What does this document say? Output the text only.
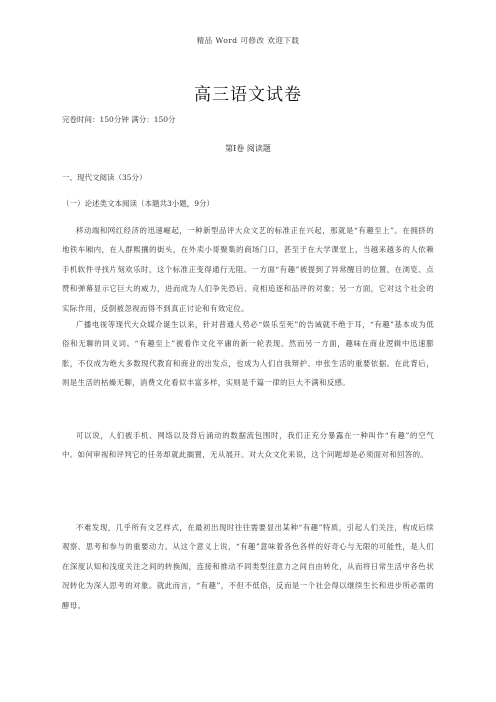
精品 Word 可修改 欢迎下载
高三语文试卷
完卷时间：150分钟 满分：150分
第Ⅰ卷 阅读题
一、现代文阅读（35分）
（一）论述类文本阅读（本题共3小题，9分）

移动端和网红经济的迅速崛起，一种新型品评大众文艺的标准正在兴起，那就是“有趣至上”。在拥挤的地铁车厢内，在人群熙攘的街头，在外卖小哥聚集的商场门口，甚至于在大学课堂上，当越来越多的人依赖手机软件寻找片刻欢乐时，这个标准正变得通行无阻。一方面“有趣”被提到了异常醒目的位置，在浏览、点赞和弹幕显示它巨大的威力，进而成为人们争先恐后、竞相追逐和品评的对象；另一方面，它对这个社会的实际作用，反倒被忽视而得不到真正讨论和有效定位。

广播电视等现代大众媒介诞生以来，针对普通人势必“娱乐至死”的告诫就不绝于耳，“有趣”基本成为低俗和无聊的同义词。“有趣至上”被看作文化平庸的新一轮表现。然而另一方面，趣味在商业逻辑中迅速膨胀，不仅成为绝大多数现代教育和商业的出发点，也成为人们自我辩护、申张生活的重要依据。在此背后，则是生活的枯燥无聊，消费文化看似丰富多样，实则是千篇一律的巨大不满和反感。

可以说，人们被手机、网络以及背后涌动的数据流包围时，我们正充分暴露在一种叫作“有趣”的空气中。如何审视和评判它的任务却就此搁置，无从展开。对大众文化来说，这个问题却是必须面对和回答的。

不难发现，几乎所有文艺样式，在最初出现时往往需要显出某种“有趣”特质，引起人们关注，构成后续观察、思考和参与的重要动力。从这个意义上说，“有趣”意味着各色各样的好奇心与无限的可能性，是人们在深度认知和浅度关注之间的转换阀，连接和推动不同类型注意力之间自由转化，从而将日常生活中各色状况转化为深入思考的对象。就此而言，“有趣”，不但不低俗，反而是一个社会得以继续生长和进步所必需的酵母。
